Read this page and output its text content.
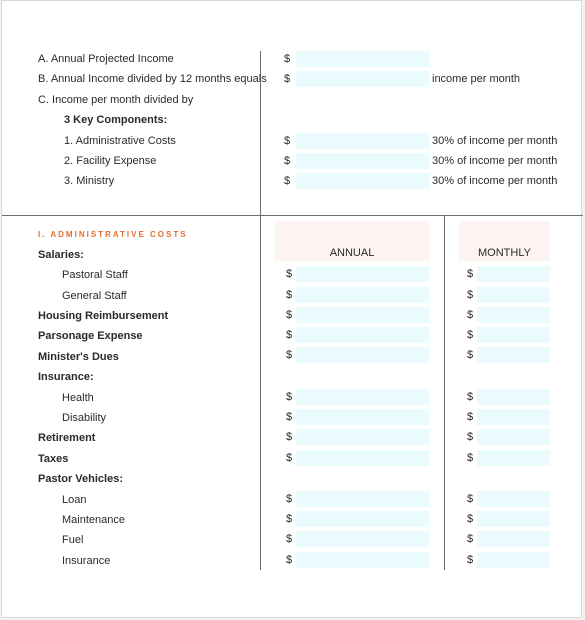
A. Annual Projected Income	$
B. Annual Income divided by 12 months equals $	income per month
C. Income per month divided by
3 Key Components:
1. Administrative Costs	$	30% of income per month
2. Facility Expense	$	30% of income per month
3. Ministry	$	30% of income per month
I. ADMINISTRATIVE COSTS
ANNUAL	MONTHLY
Salaries:
Pastoral Staff	$	$
General Staff	$	$
Housing Reimbursement	$	$
Parsonage Expense	$	$
Minister's Dues	$	$
Insurance:
Health	$	$
Disability	$	$
Retirement	$	$
Taxes	$	$
Pastor Vehicles:
Loan	$	$
Maintenance	$	$
Fuel	$	$
Insurance	$	$
